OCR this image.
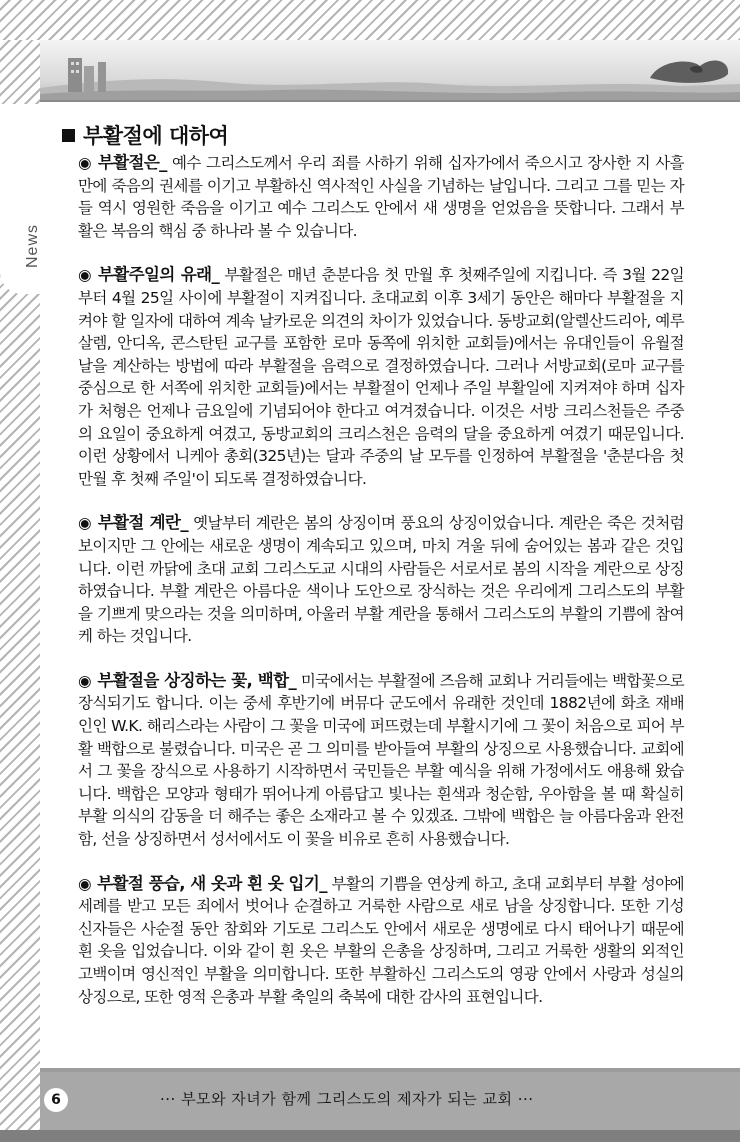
News
부활절에 대하여

◉ 부활절은_ 예수 그리스도께서 우리 죄를 사하기 위해 십자가에서 죽으시고 장사한 지 사흘 만에 죽음의 권세를 이기고 부활하신 역사적인 사실을 기념하는 날입니다. 그리고 그를 믿는 자들 역시 영원한 죽음을 이기고 예수 그리스도 안에서 새 생명을 얻었음을 뜻합니다. 그래서 부활은 복음의 핵심 중 하나라 볼 수 있습니다.

◉ 부활주일의 유래_ 부활절은 매년 춘분다음 첫 만월 후 첫째주일에 지킵니다. 즉 3월 22일부터 4월 25일 사이에 부활절이 지켜집니다. 초대교회 이후 3세기 동안은 해마다 부활절을 지켜야 할 일자에 대하여 계속 날카로운 의견의 차이가 있었습니다. 동방교회(알렐산드리아, 예루살렘, 안디옥, 콘스탄틴 교구를 포함한 로마 동쪽에 위치한 교회들)에서는 유대인들이 유월절 날을 계산하는 방법에 따라 부활절을 음력으로 결정하였습니다. 그러나 서방교회(로마 교구를 중심으로 한 서쪽에 위치한 교회들)에서는 부활절이 언제나 주일 부활일에 지켜져야 하며 십자가 처형은 언제나 금요일에 기념되어야 한다고 여겨졌습니다. 이것은 서방 크리스천들은 주중의 요일이 중요하게 여겼고, 동방교회의 크리스천은 음력의 달을 중요하게 여겼기 때문입니다. 이런 상황에서 니케아 총회(325년)는 달과 주중의 날 모두를 인정하여 부활절을 '춘분다음 첫 만월 후 첫째 주일'이 되도록 결정하였습니다.

◉ 부활절 계란_ 옛날부터 계란은 봄의 상징이며 풍요의 상징이었습니다. 계란은 죽은 것처럼 보이지만 그 안에는 새로운 생명이 계속되고 있으며, 마치 겨울 뒤에 숨어있는 봄과 같은 것입니다. 이런 까닭에 초대 교회 그리스도교 시대의 사람들은 서로서로 봄의 시작을 계란으로 상징하였습니다. 부활 계란은 아름다운 색이나 도안으로 장식하는 것은 우리에게 그리스도의 부활을 기쁘게 맞으라는 것을 의미하며, 아울러 부활 계란을 통해서 그리스도의 부활의 기쁨에 참여케 하는 것입니다.

◉ 부활절을 상징하는 꽃, 백합_ 미국에서는 부활절에 즈음해 교회나 거리들에는 백합꽃으로 장식되기도 합니다. 이는 중세 후반기에 버뮤다 군도에서 유래한 것인데 1882년에 화초 재배인인 W.K. 해리스라는 사람이 그 꽃을 미국에 퍼뜨렸는데 부활시기에 그 꽃이 처음으로 피어 부활 백합으로 불렸습니다. 미국은 곧 그 의미를 받아들여 부활의 상징으로 사용했습니다. 교회에서 그 꽃을 장식으로 사용하기 시작하면서 국민들은 부활 예식을 위해 가정에서도 애용해 왔습니다. 백합은 모양과 형태가 뛰어나게 아름답고 빛나는 흰색과 청순함, 우아함을 볼 때 확실히 부활 의식의 감동을 더 해주는 좋은 소재라고 볼 수 있겠죠. 그밖에 백합은 늘 아름다움과 완전함, 선을 상징하면서 성서에서도 이 꽃을 비유로 흔히 사용했습니다.

◉ 부활절 풍습, 새 옷과 흰 옷 입기_ 부활의 기쁨을 연상케 하고, 초대 교회부터 부활 성야에 세례를 받고 모든 죄에서 벗어나 순결하고 거룩한 사람으로 새로 남을 상징합니다. 또한 기성 신자들은 사순절 동안 참회와 기도로 그리스도 안에서 새로운 생명에로 다시 태어나기 때문에 흰 옷을 입었습니다. 이와 같이 흰 옷은 부활의 은총을 상징하며, 그리고 거룩한 생활의 외적인 고백이며 영신적인 부활을 의미합니다. 또한 부활하신 그리스도의 영광 안에서 사랑과 성실의 상징으로, 또한 영적 은총과 부활 축일의 축복에 대한 감사의 표현입니다.

6	··· 부모와 자녀가 함께 그리스도의 제자가 되는 교회 ···
